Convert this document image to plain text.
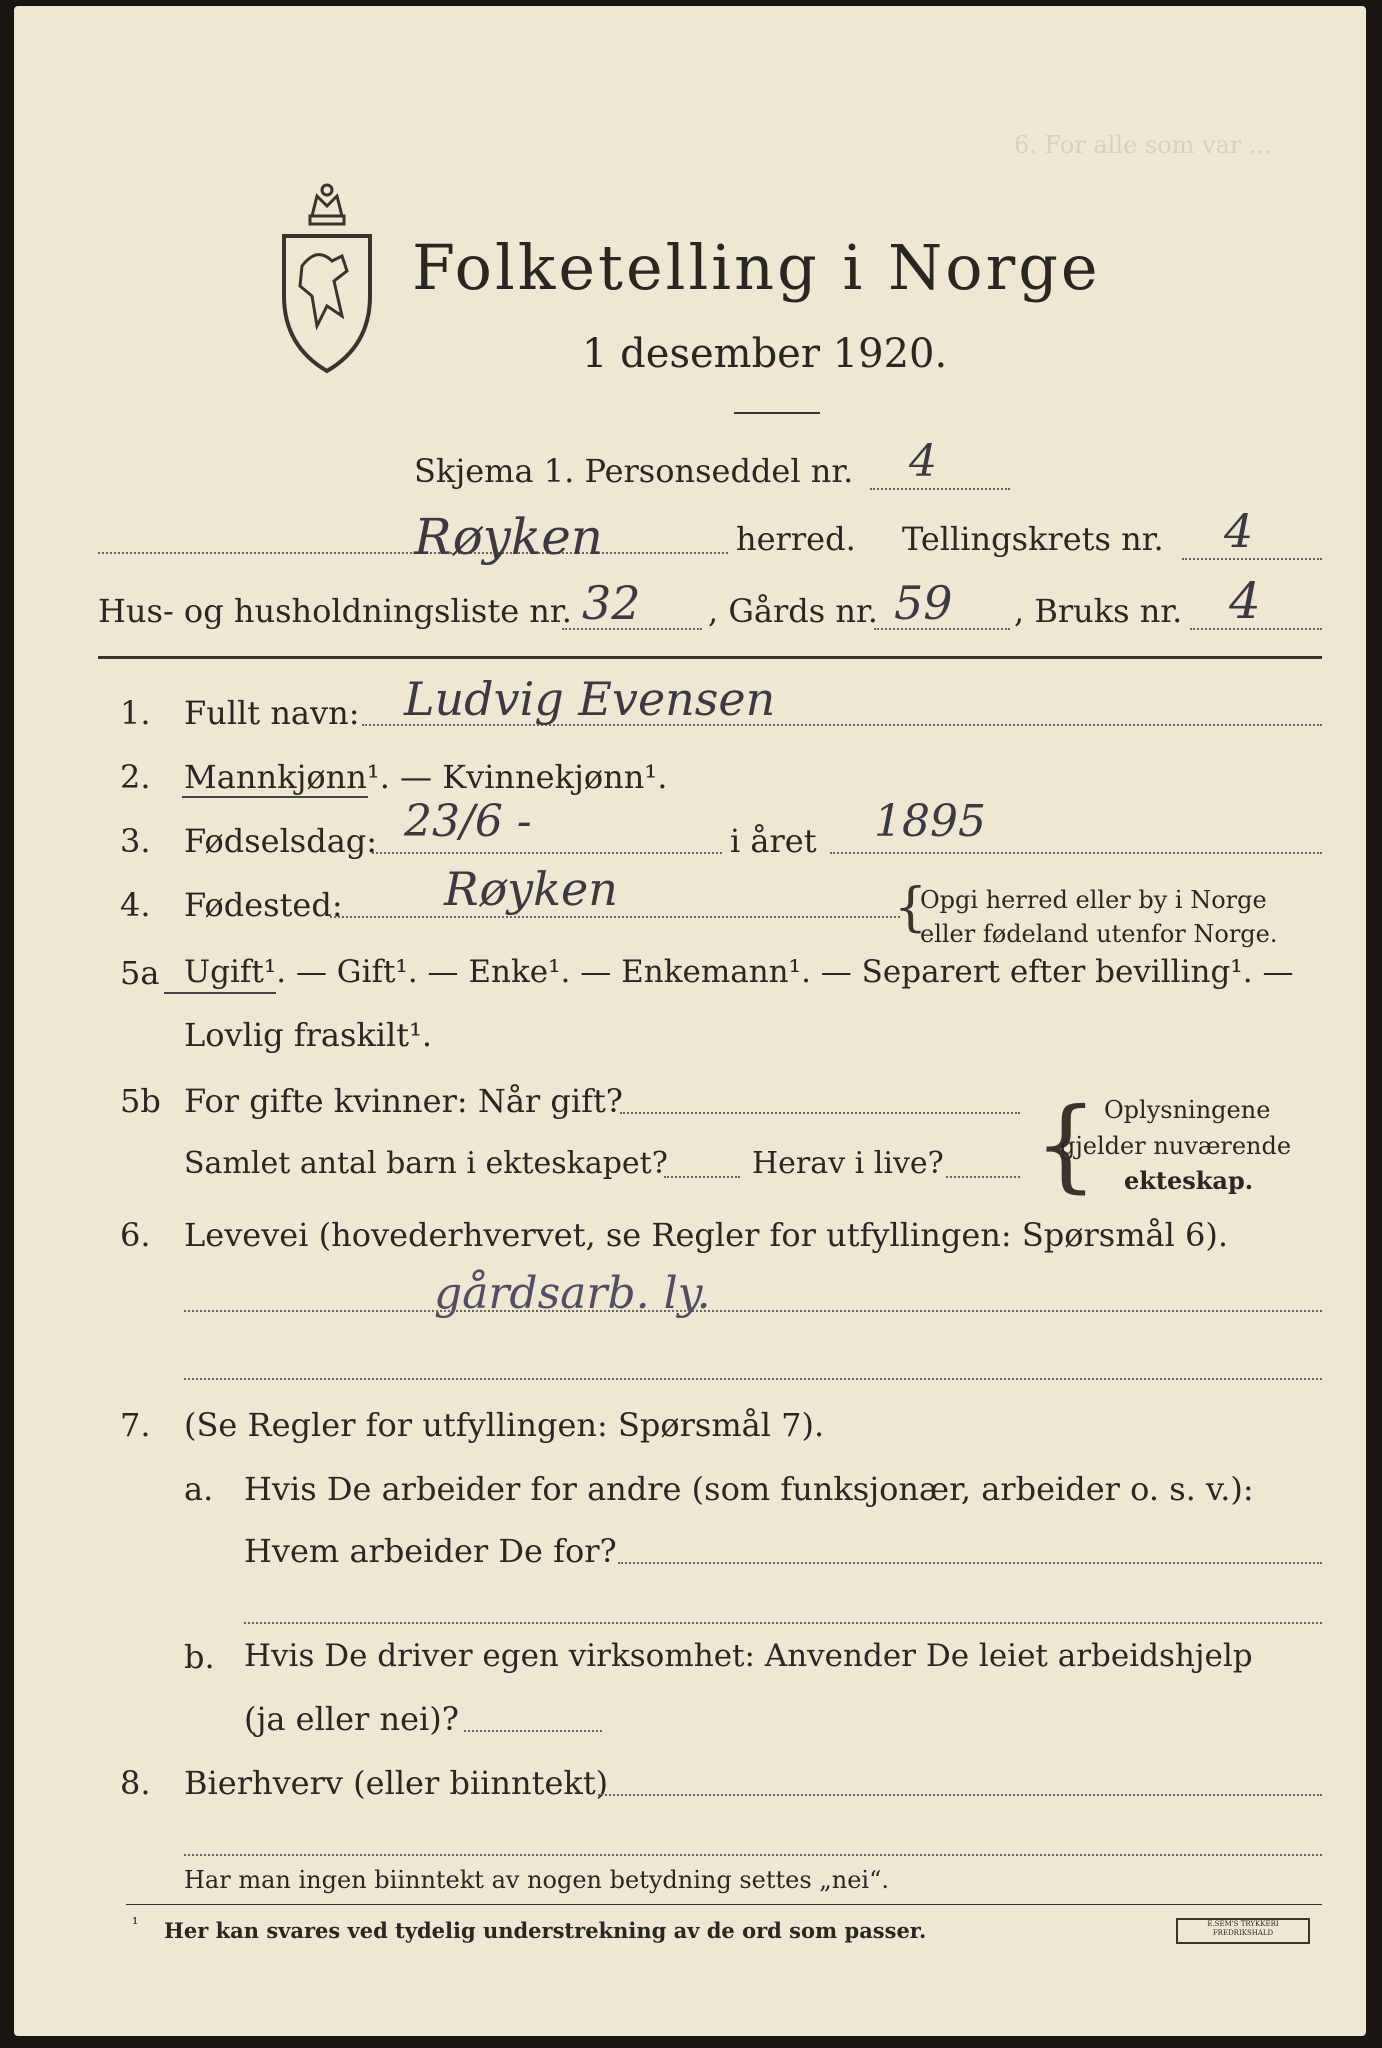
6. For alle som var ...
Folketelling i Norge
1 desember 1920.
Skjema 1. Personseddel nr. 4
Røyken	herred. Tellingskrets nr. 4
Hus- og husholdningsliste nr. 32 , Gårds nr. 59 , Bruks nr. 4
1. Fullt navn: Ludvig Evensen
2. Mannkjønn¹. — Kvinnekjønn¹.
3. Fødselsdag: 23/6 -	i året 1895
4. Fødested: Røyken	{
Opgi herred eller by i Norge
eller fødeland utenfor Norge.
5a Ugift¹. — Gift¹. — Enke¹. — Enkemann¹. — Separert efter bevilling¹. —
Lovlig fraskilt¹.
5b For gifte kvinner: Når gift?	{ Oplysningene
gjelder nuværende
ekteskap.
Samlet antal barn i ekteskapet?	Herav i live?
6. Levevei (hovederhvervet, se Regler for utfyllingen: Spørsmål 6).
gårdsarb. ly.
7. (Se Regler for utfyllingen: Spørsmål 7).
a. Hvis De arbeider for andre (som funksjonær, arbeider o. s. v.):
Hvem arbeider De for?
b. Hvis De driver egen virksomhet: Anvender De leiet arbeidshjelp
(ja eller nei)?
8. Bierhverv (eller biinntekt)
Har man ingen biinntekt av nogen betydning settes „nei“.
¹ Her kan svares ved tydelig understrekning av de ord som passer.	E.SEM'S TRYKKERI FREDRIKSHALD
